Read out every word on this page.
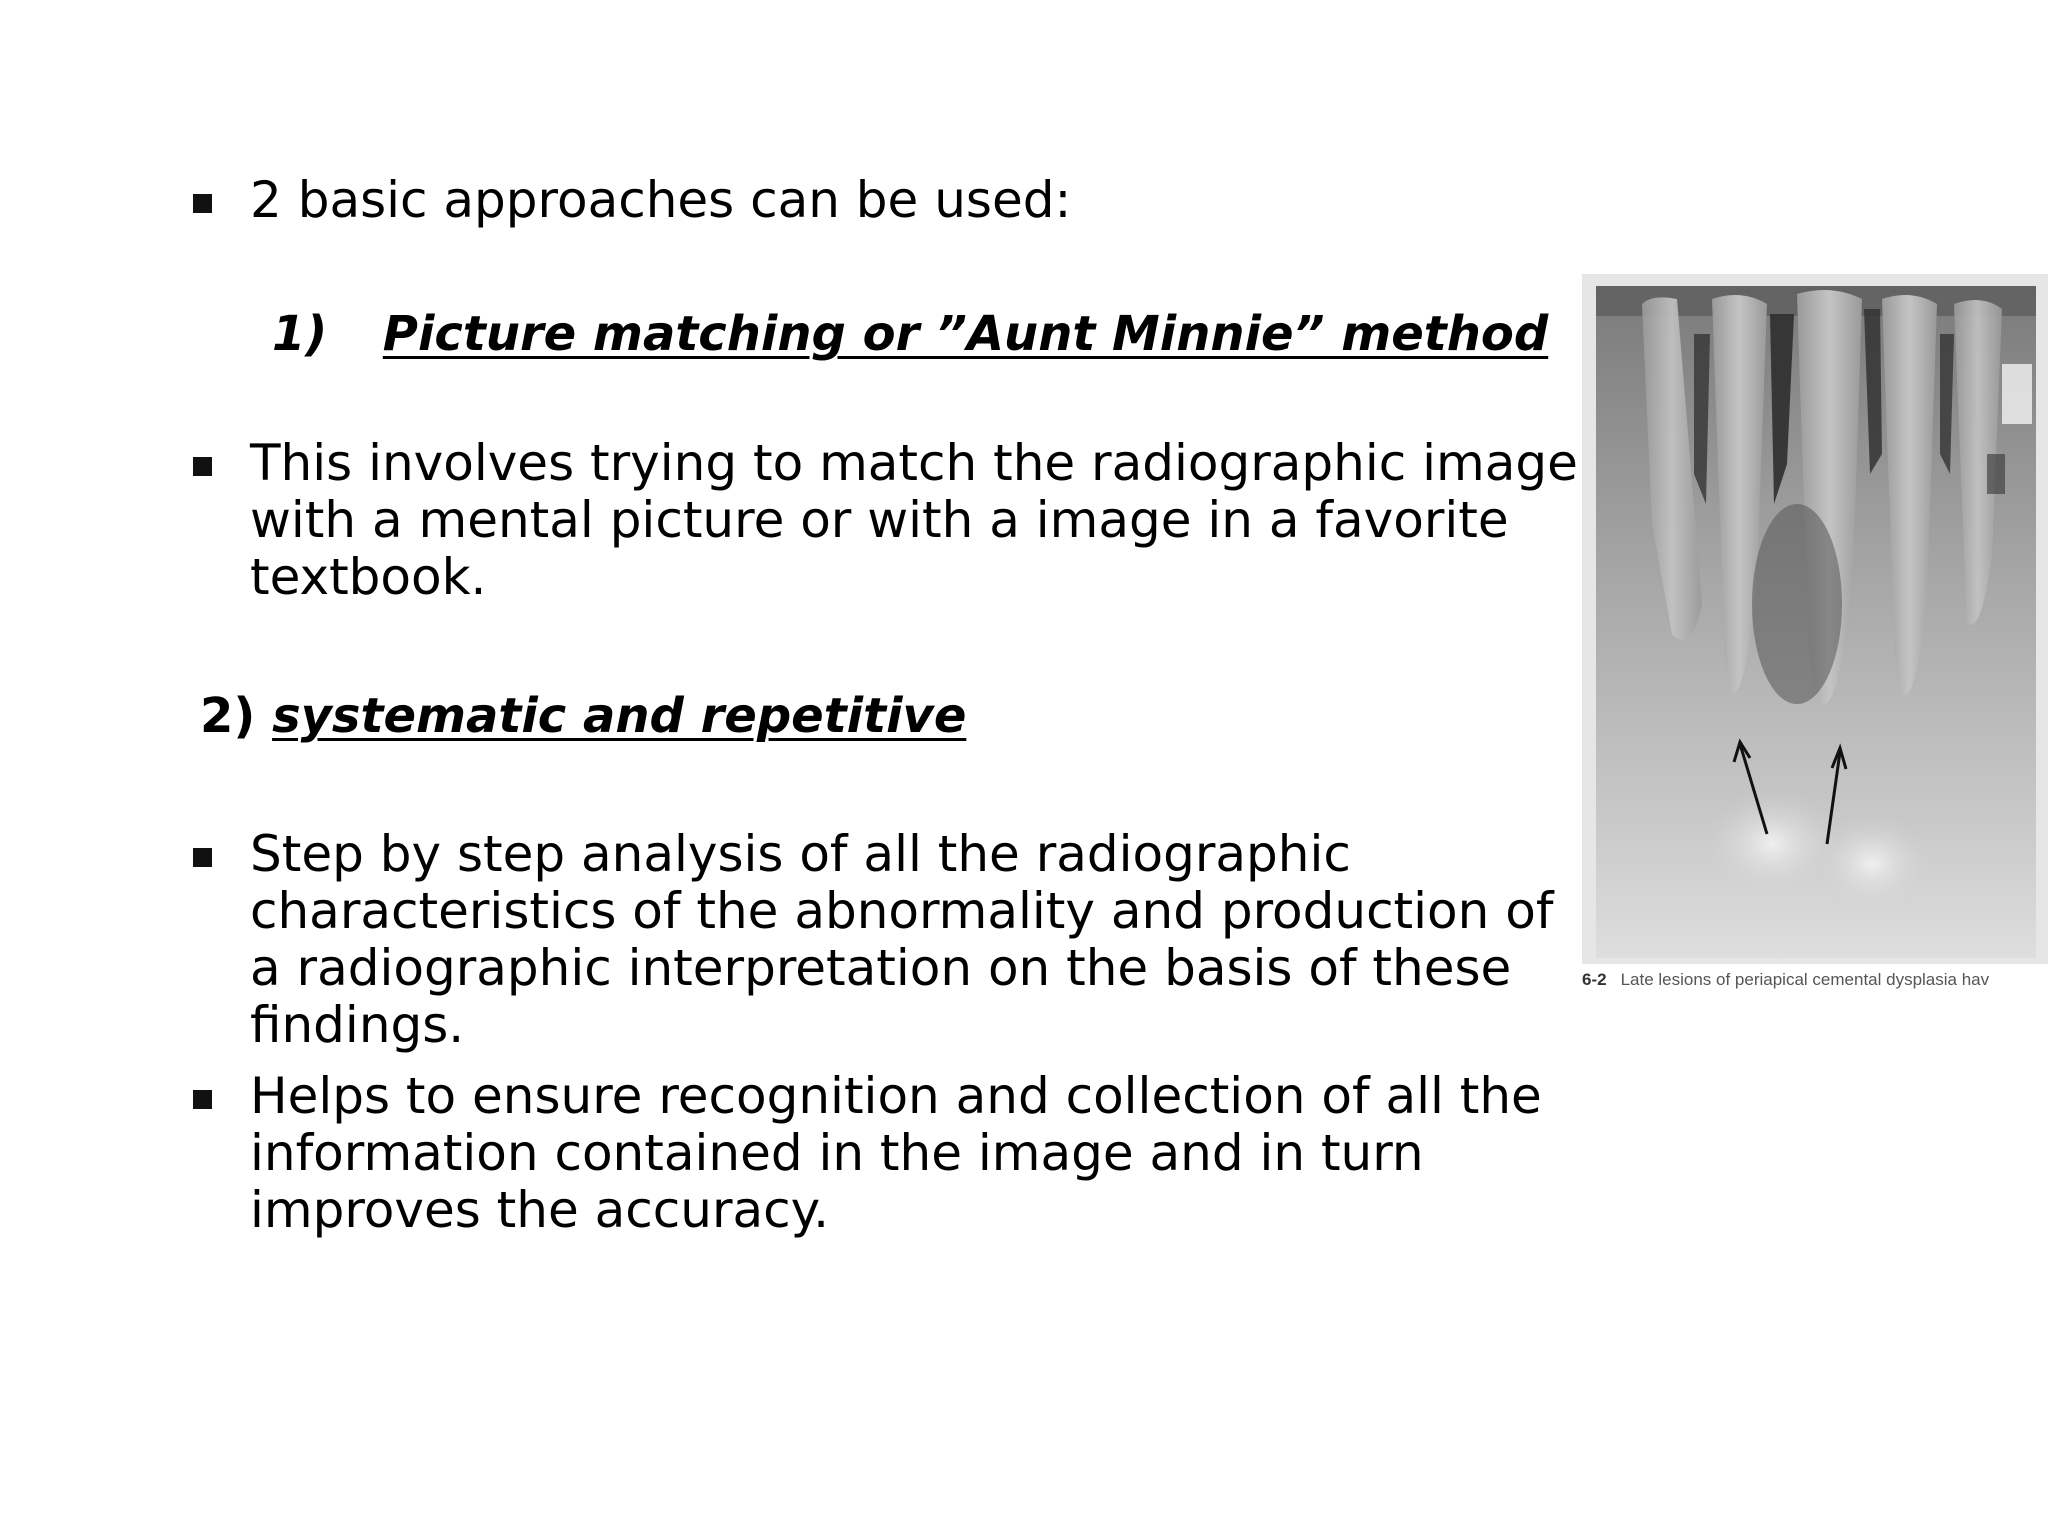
2 basic approaches can be used:
1) Picture matching or ”Aunt Minnie” method
This involves trying to match the radiographic image
with a mental picture or with a image in a favorite
textbook.
2) systematic and repetitive
Step by step analysis of all the radiographic
characteristics of the abnormality and production of
a radiographic interpretation on the basis of these
findings.
Helps to ensure recognition and collection of all the
information contained in the image and in turn
improves the accuracy.
6-2 Late lesions of periapical cemental dysplasia hav
